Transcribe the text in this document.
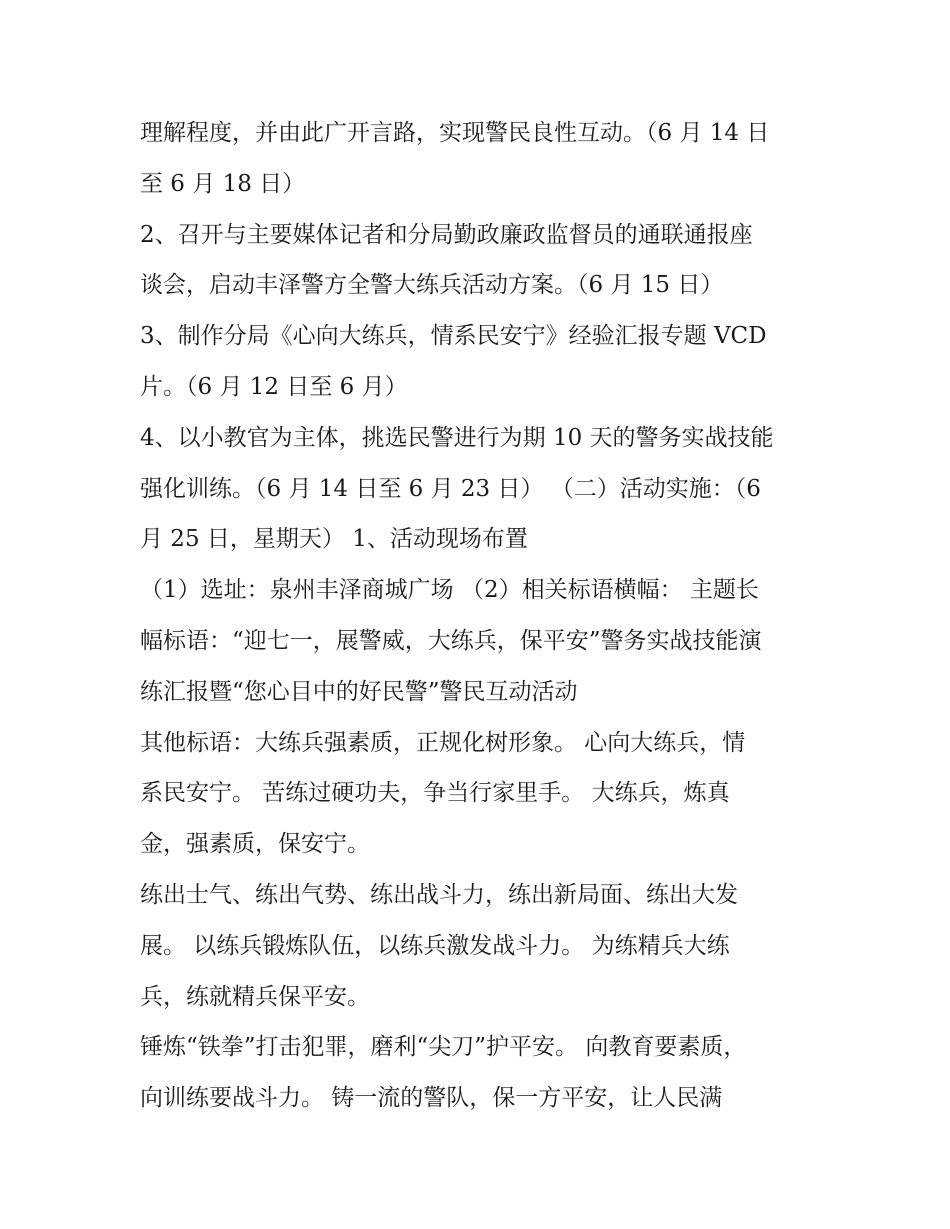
理解程度，并由此广开言路，实现警民良性互动。（6 月 14 日
至 6 月 18 日）
2、召开与主要媒体记者和分局勤政廉政监督员的通联通报座
谈会，启动丰泽警方全警大练兵活动方案。（6 月 15 日）
3、制作分局《心向大练兵，情系民安宁》经验汇报专题 VCD
片。（6 月 12 日至 6 月）
4、以小教官为主体，挑选民警进行为期 10 天的警务实战技能
强化训练。（6 月 14 日至 6 月 23 日） （二）活动实施：（6
月 25 日，星期天） 1、活动现场布置
（1）选址：泉州丰泽商城广场 （2）相关标语横幅： 主题长
幅标语：“迎七一，展警威，大练兵，保平安”警务实战技能演
练汇报暨“您心目中的好民警”警民互动活动
其他标语：大练兵强素质，正规化树形象。 心向大练兵，情
系民安宁。 苦练过硬功夫，争当行家里手。 大练兵，炼真
金，强素质，保安宁。
练出士气、练出气势、练出战斗力，练出新局面、练出大发
展。 以练兵锻炼队伍，以练兵激发战斗力。 为练精兵大练
兵，练就精兵保平安。
锤炼“铁拳”打击犯罪，磨利“尖刀”护平安。 向教育要素质，
向训练要战斗力。 铸一流的警队，保一方平安，让人民满
